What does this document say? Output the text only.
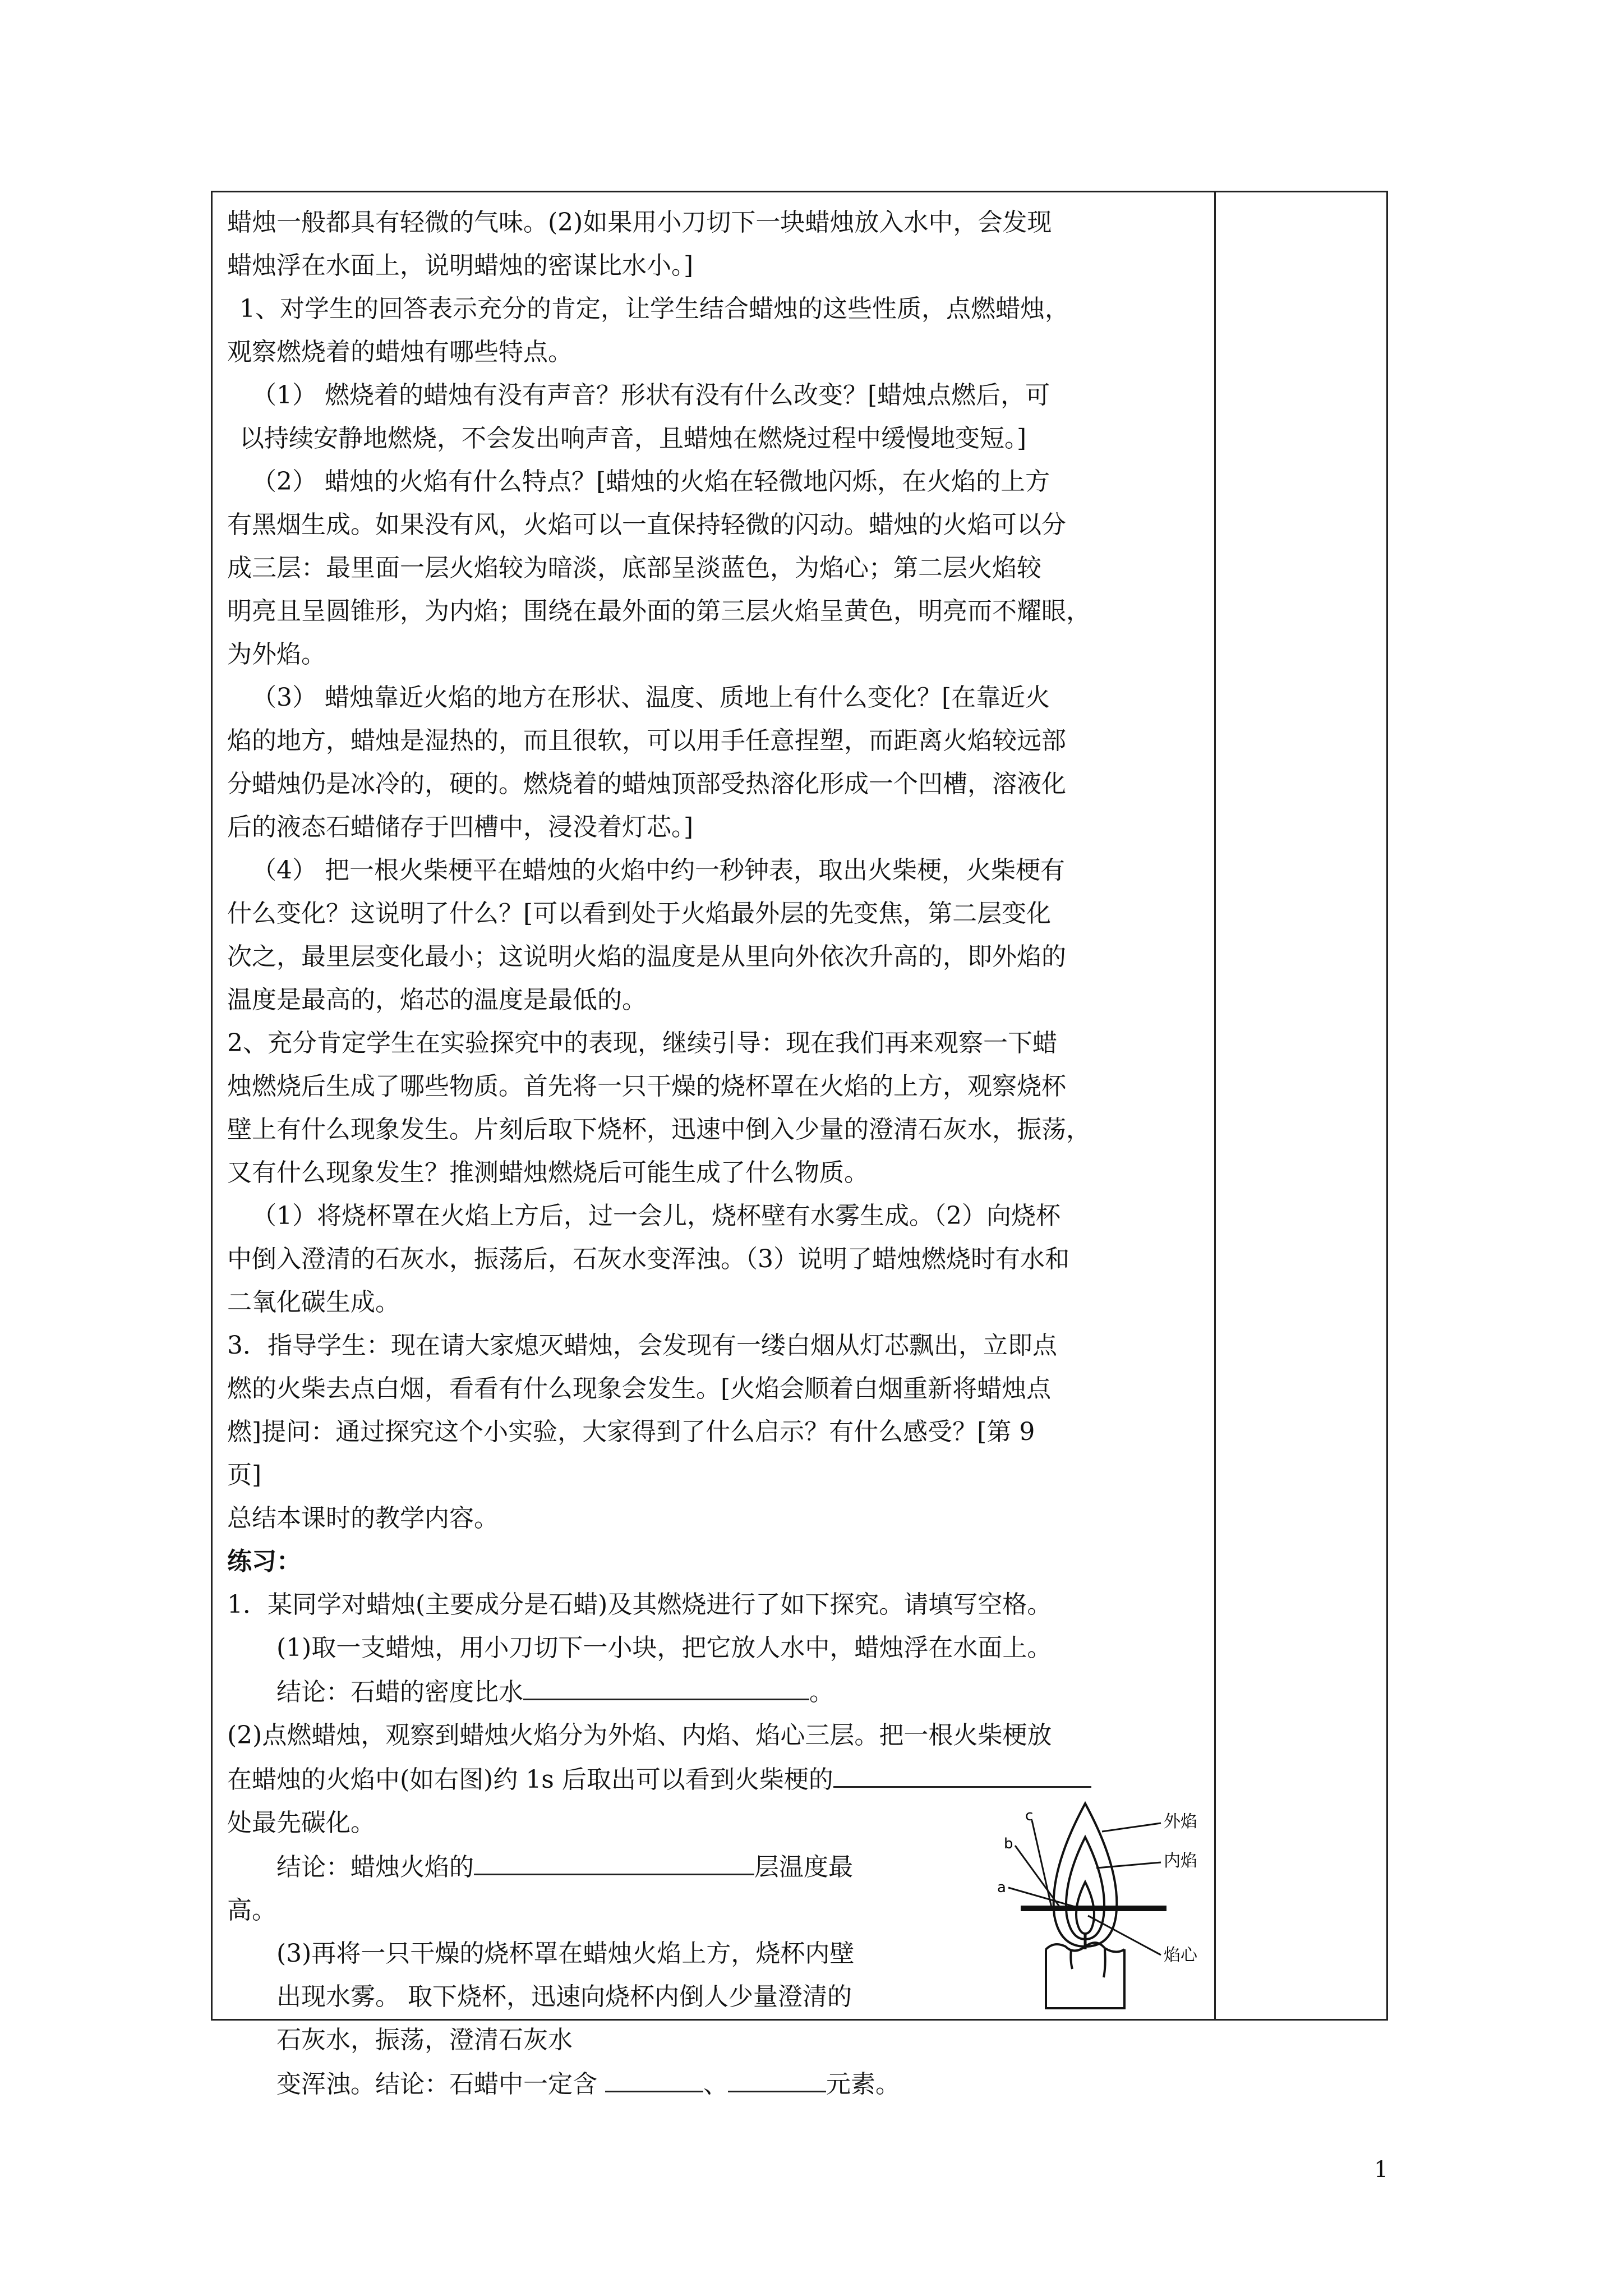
蜡烛一般都具有轻微的气味。(2)如果用小刀切下一块蜡烛放入水中，会发现

蜡烛浮在水面上，说明蜡烛的密谋比水小。]

1、对学生的回答表示充分的肯定，让学生结合蜡烛的这些性质，点燃蜡烛，

观察燃烧着的蜡烛有哪些特点。

（1） 燃烧着的蜡烛有没有声音？形状有没有什么改变？[蜡烛点燃后，可

以持续安静地燃烧，不会发出响声音，且蜡烛在燃烧过程中缓慢地变短。]

（2） 蜡烛的火焰有什么特点？[蜡烛的火焰在轻微地闪烁，在火焰的上方

有黑烟生成。如果没有风，火焰可以一直保持轻微的闪动。蜡烛的火焰可以分

成三层：最里面一层火焰较为暗淡，底部呈淡蓝色，为焰心；第二层火焰较

明亮且呈圆锥形，为内焰；围绕在最外面的第三层火焰呈黄色，明亮而不耀眼，

为外焰。

（3） 蜡烛靠近火焰的地方在形状、温度、质地上有什么变化？[在靠近火

焰的地方，蜡烛是湿热的，而且很软，可以用手任意捏塑，而距离火焰较远部

分蜡烛仍是冰冷的，硬的。燃烧着的蜡烛顶部受热溶化形成一个凹槽，溶液化

后的液态石蜡储存于凹槽中，浸没着灯芯。]

（4） 把一根火柴梗平在蜡烛的火焰中约一秒钟表，取出火柴梗，火柴梗有

什么变化？这说明了什么？[可以看到处于火焰最外层的先变焦，第二层变化

次之，最里层变化最小；这说明火焰的温度是从里向外依次升高的，即外焰的

温度是最高的，焰芯的温度是最低的。

2、充分肯定学生在实验探究中的表现，继续引导：现在我们再来观察一下蜡

烛燃烧后生成了哪些物质。首先将一只干燥的烧杯罩在火焰的上方，观察烧杯

壁上有什么现象发生。片刻后取下烧杯，迅速中倒入少量的澄清石灰水，振荡，

又有什么现象发生？推测蜡烛燃烧后可能生成了什么物质。

（1）将烧杯罩在火焰上方后，过一会儿，烧杯壁有水雾生成。（2）向烧杯

中倒入澄清的石灰水，振荡后，石灰水变浑浊。（3）说明了蜡烛燃烧时有水和

二氧化碳生成。

3．指导学生：现在请大家熄灭蜡烛，会发现有一缕白烟从灯芯飘出，立即点

燃的火柴去点白烟，看看有什么现象会发生。[火焰会顺着白烟重新将蜡烛点

燃]提问：通过探究这个小实验，大家得到了什么启示？有什么感受？[第 9

页]

总结本课时的教学内容。

练习：

1．某同学对蜡烛(主要成分是石蜡)及其燃烧进行了如下探究。请填写空格。

(1)取一支蜡烛，用小刀切下一小块，把它放人水中，蜡烛浮在水面上。

结论：石蜡的密度比水	。

(2)点燃蜡烛，观察到蜡烛火焰分为外焰、内焰、焰心三层。把一根火柴梗放

在蜡烛的火焰中(如右图)约 1s 后取出可以看到火柴梗的

处最先碳化。

结论：蜡烛火焰的	层温度最

高。

(3)再将一只干燥的烧杯罩在蜡烛火焰上方，烧杯内壁

出现水雾。 取下烧杯，迅速向烧杯内倒人少量澄清的

石灰水，振荡，澄清石灰水

变浑浊。结论：石蜡中一定含	、	元素。

外焰
内焰
焰心
a
b
c
1
